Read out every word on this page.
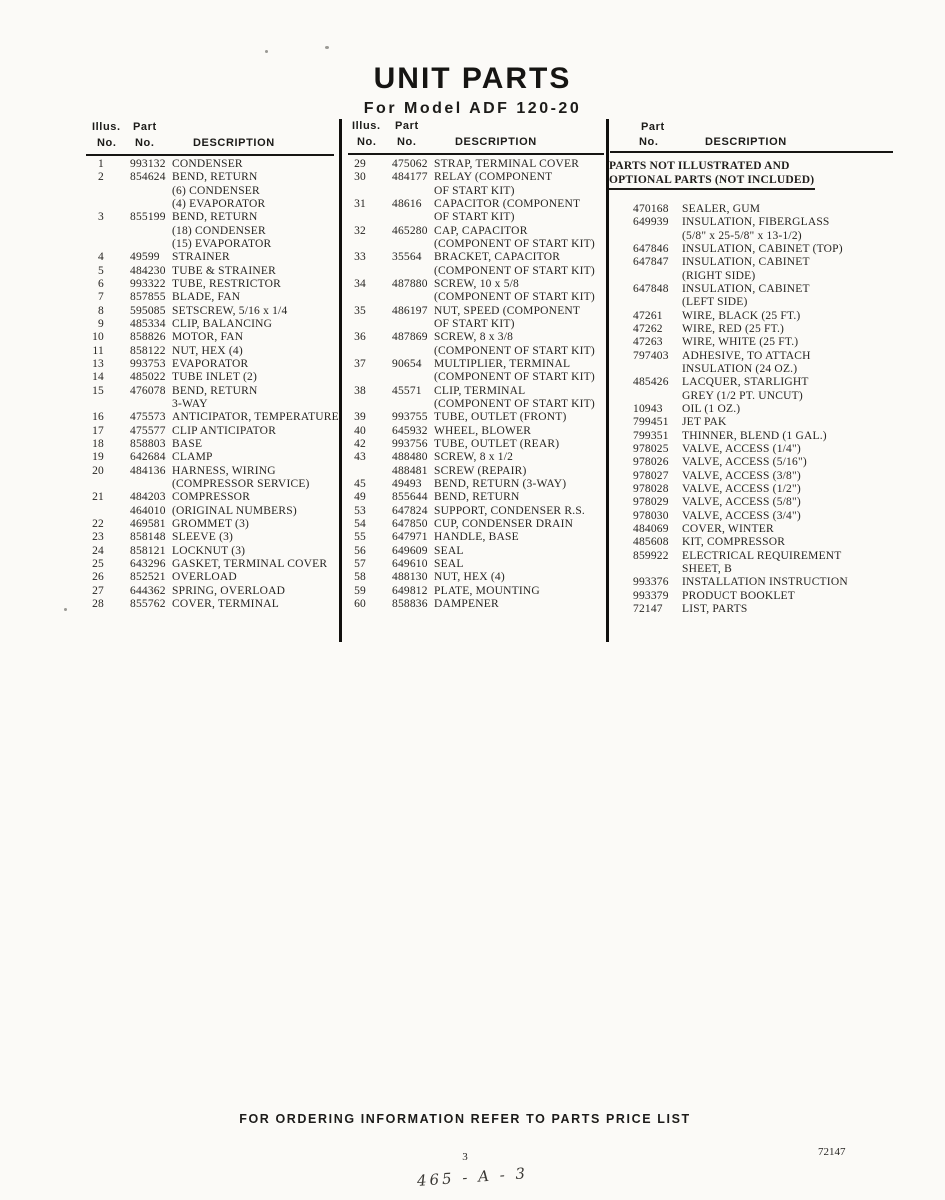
UNIT PARTS
For Model ADF 120-20
Illus. Part
No. No.	DESCRIPTION
Illus. Part
No. No.	DESCRIPTION
Part
No.	DESCRIPTION
PARTS NOT ILLUSTRATED AND
OPTIONAL PARTS (NOT INCLUDED)
1 993132 CONDENSER
2 854624 BEND, RETURN
(6) CONDENSER
(4) EVAPORATOR
3 855199 BEND, RETURN
(18) CONDENSER
(15) EVAPORATOR
4 49599	STRAINER
5 484230 TUBE & STRAINER
6 993322 TUBE, RESTRICTOR
7 857855 BLADE, FAN
8 595085 SETSCREW, 5/16 x 1/4
9 485334 CLIP, BALANCING
10 858826 MOTOR, FAN
11 858122 NUT, HEX (4)
13 993753 EVAPORATOR
14 485022 TUBE INLET (2)
15 476078 BEND, RETURN
3-WAY
16 475573 ANTICIPATOR, TEMPERATURE
17 475577 CLIP ANTICIPATOR
18 858803 BASE
19 642684 CLAMP
20 484136 HARNESS, WIRING
(COMPRESSOR SERVICE)
21 484203 COMPRESSOR
464010 (ORIGINAL NUMBERS)
22 469581 GROMMET (3)
23 858148 SLEEVE (3)
24 858121 LOCKNUT (3)
25 643296 GASKET, TERMINAL COVER
26 852521 OVERLOAD
27 644362 SPRING, OVERLOAD
28 855762 COVER, TERMINAL
29 475062 STRAP, TERMINAL COVER
30 484177 RELAY (COMPONENT
OF START KIT)
31 48616	CAPACITOR (COMPONENT
OF START KIT)
32 465280 CAP, CAPACITOR
(COMPONENT OF START KIT)
33 35564	BRACKET, CAPACITOR
(COMPONENT OF START KIT)
34 487880 SCREW, 10 x 5/8
(COMPONENT OF START KIT)
35 486197 NUT, SPEED (COMPONENT
OF START KIT)
36 487869 SCREW, 8 x 3/8
(COMPONENT OF START KIT)
37 90654	MULTIPLIER, TERMINAL
(COMPONENT OF START KIT)
38 45571	CLIP, TERMINAL
(COMPONENT OF START KIT)
39 993755 TUBE, OUTLET (FRONT)
40 645932 WHEEL, BLOWER
42 993756 TUBE, OUTLET (REAR)
43 488480 SCREW, 8 x 1/2
488481 SCREW (REPAIR)
45 49493	BEND, RETURN (3-WAY)
49 855644 BEND, RETURN
53 647824 SUPPORT, CONDENSER R.S.
54 647850 CUP, CONDENSER DRAIN
55 647971 HANDLE, BASE
56 649609 SEAL
57 649610 SEAL
58 488130 NUT, HEX (4)
59 649812 PLATE, MOUNTING
60 858836 DAMPENER
470168	SEALER, GUM
649939	INSULATION, FIBERGLASS
(5/8" x 25-5/8" x 13-1/2)
647846	INSULATION, CABINET (TOP)
647847	INSULATION, CABINET
(RIGHT SIDE)
647848	INSULATION, CABINET
(LEFT SIDE)
47261	WIRE, BLACK (25 FT.)
47262	WIRE, RED (25 FT.)
47263	WIRE, WHITE (25 FT.)
797403	ADHESIVE, TO ATTACH
INSULATION (24 OZ.)
485426	LACQUER, STARLIGHT
GREY (1/2 PT. UNCUT)
10943	OIL (1 OZ.)
799451	JET PAK
799351	THINNER, BLEND (1 GAL.)
978025	VALVE, ACCESS (1/4")
978026	VALVE, ACCESS (5/16")
978027	VALVE, ACCESS (3/8")
978028	VALVE, ACCESS (1/2")
978029	VALVE, ACCESS (5/8")
978030	VALVE, ACCESS (3/4")
484069	COVER, WINTER
485608	KIT, COMPRESSOR
859922	ELECTRICAL REQUIREMENT
SHEET, B
993376	INSTALLATION INSTRUCTION
993379	PRODUCT BOOKLET
72147	LIST, PARTS
FOR ORDERING INFORMATION REFER TO PARTS PRICE LIST
3	72147
465 - A - 3
